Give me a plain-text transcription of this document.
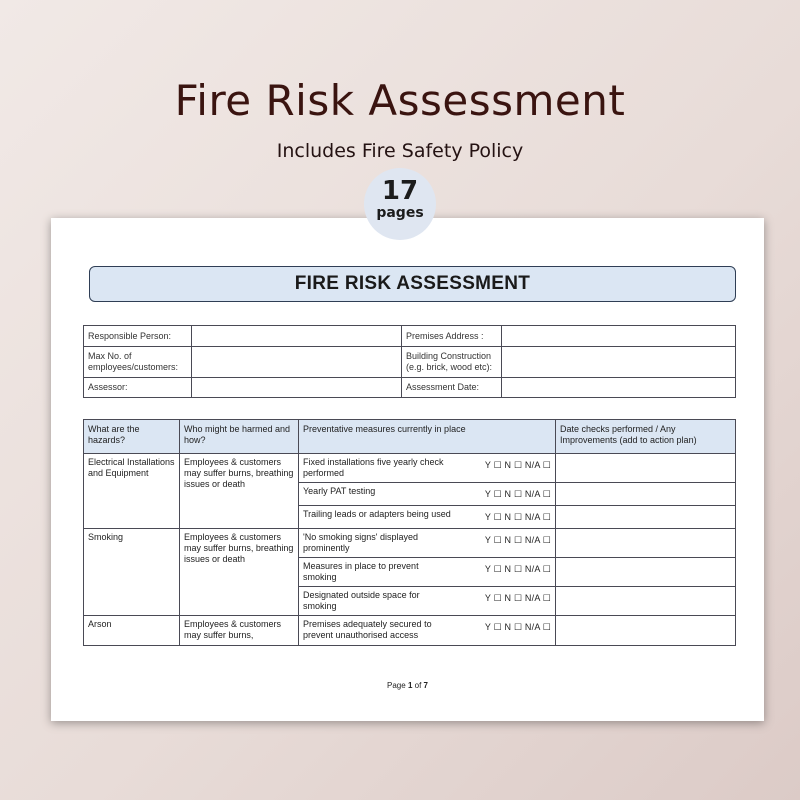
Fire Risk Assessment
Includes Fire Safety Policy
17
pages
FIRE RISK ASSESSMENT
Responsible Person:		Premises Address :	
Max No. of employees/customers:		Building Construction (e.g. brick, wood etc):	
Assessor:		Assessment Date:	
What are the hazards?	Who might be harmed and how?	Preventative measures currently in place	Date checks performed / Any Improvements (add to action plan)
Electrical Installations and Equipment	Employees & customers may suffer burns, breathing issues or death	Fixed installations five yearly check performed
Y ☐ N ☐ N/A ☐	

		Yearly PAT testing Y ☐ N ☐ N/A ☐	

		Trailing leads or adapters being used Y ☐ N ☐ N/A ☐	

Smoking	Employees & customers may suffer burns, breathing issues or death	'No smoking signs' displayed prominently
Y ☐ N ☐ N/A ☐	

		Measures in place to prevent smoking
Y ☐ N ☐ N/A ☐	

		Designated outside space for smoking
Y ☐ N ☐ N/A ☐	

Arson	Employees & customers may suffer burns,	Premises adequately secured to prevent unauthorised access
Y ☐ N ☐ N/A ☐	

Page 1 of 7
